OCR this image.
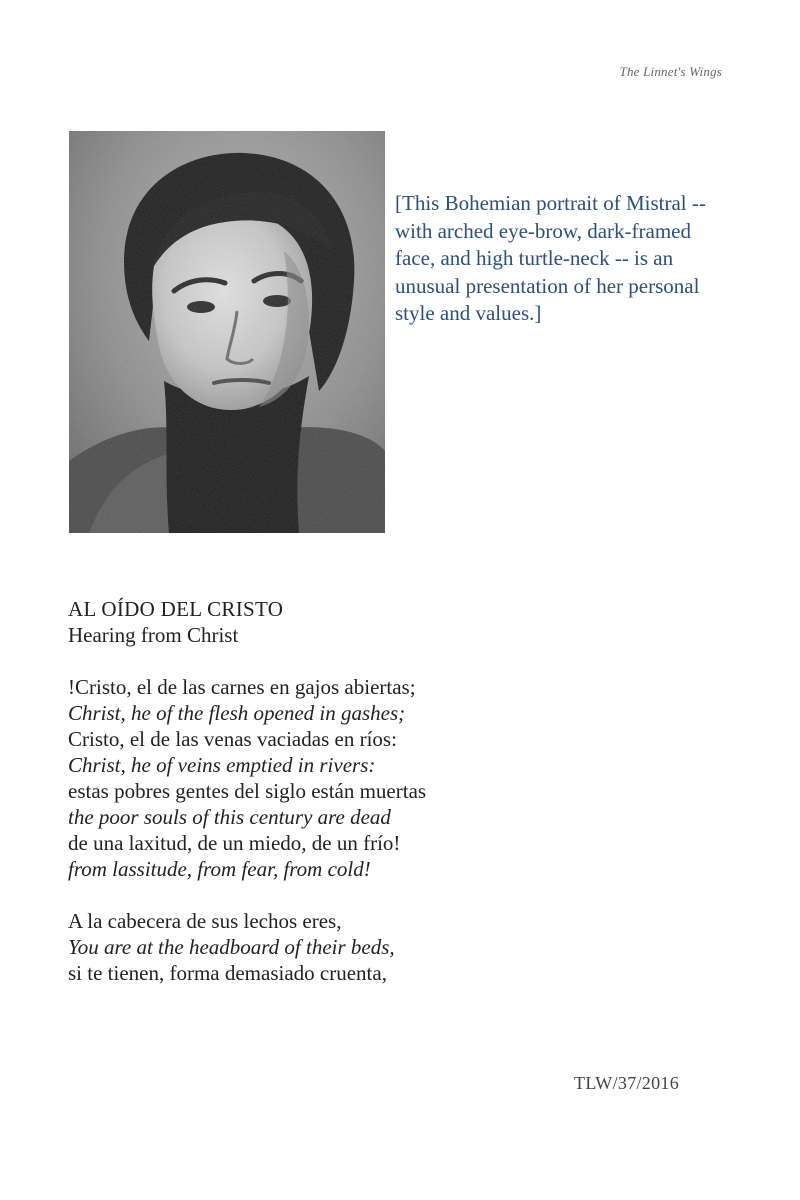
The Linnet's Wings

[This Bohemian portrait of Mistral -- with arched eye-brow, dark-framed face, and high turtle-neck -- is an unusual presentation of her personal style and values.]

AL OÍDO DEL CRISTO
Hearing from Christ
!Cristo, el de las carnes en gajos abiertas;
Christ, he of the flesh opened in gashes;
Cristo, el de las venas vaciadas en ríos:
Christ, he of veins emptied in rivers:
estas pobres gentes del siglo están muertas
the poor souls of this century are dead
de una laxitud, de un miedo, de un frío!
from lassitude, from fear, from cold!
A la cabecera de sus lechos eres,
You are at the headboard of their beds,
si te tienen, forma demasiado cruenta,
TLW/37/2016
